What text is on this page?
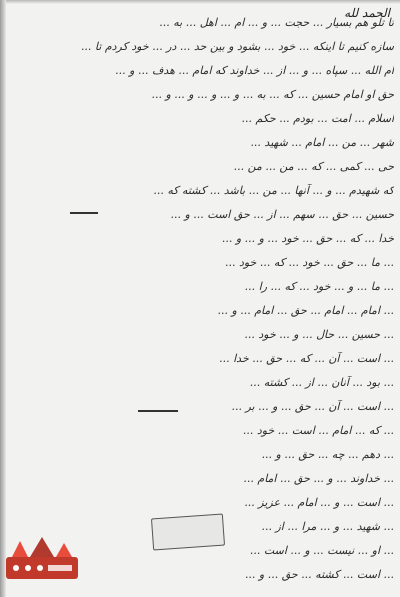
الحمد لله
تا تلو هم بسیار ... حجت ... و ... ام ... اهل ... به ...
سازه کنیم تا اینکه ... خود ... بشود و بین حد ... در ... خود کردم تا ...
ام الله ... سپاه ... و ... از ... خداوند که امام ... هدف ... و ...
حق او امام حسین ... که ... به ... و ... و ... و ... و ...
اسلام ... امت ... بودم ... حکم ...
شهر ... من ... امام ... شهید ...
حی ... کمی ... که ... من ... من ...
که شهیدم ... و ... آنها ... من ... باشد ... کشته که ...
حسین ... حق ... سهم ... از ... حق است ... و ...
خدا ... که ... حق ... خود ... و ... و ...
... ما ... حق ... خود ... که ... خود ...
... ما ... و ... خود ... که ... را ...
... امام ... امام ... حق ... امام ... و ...
... حسین ... حال ... و ... خود ...
... است ... آن ... که ... حق ... خدا ...
... بود ... آنان ... از ... کشته ...
... است ... آن ... حق ... و ... بر ...
... که ... امام ... است ... خود ...
... دهم ... چه ... حق ... و ...
... خداوند ... و ... حق ... امام ...
... است ... و ... امام ... عزیز ...
... شهید ... و ... مرا ... از ...
... او ... نیست ... و ... است ...
... است ... کشته ... حق ... و ...
